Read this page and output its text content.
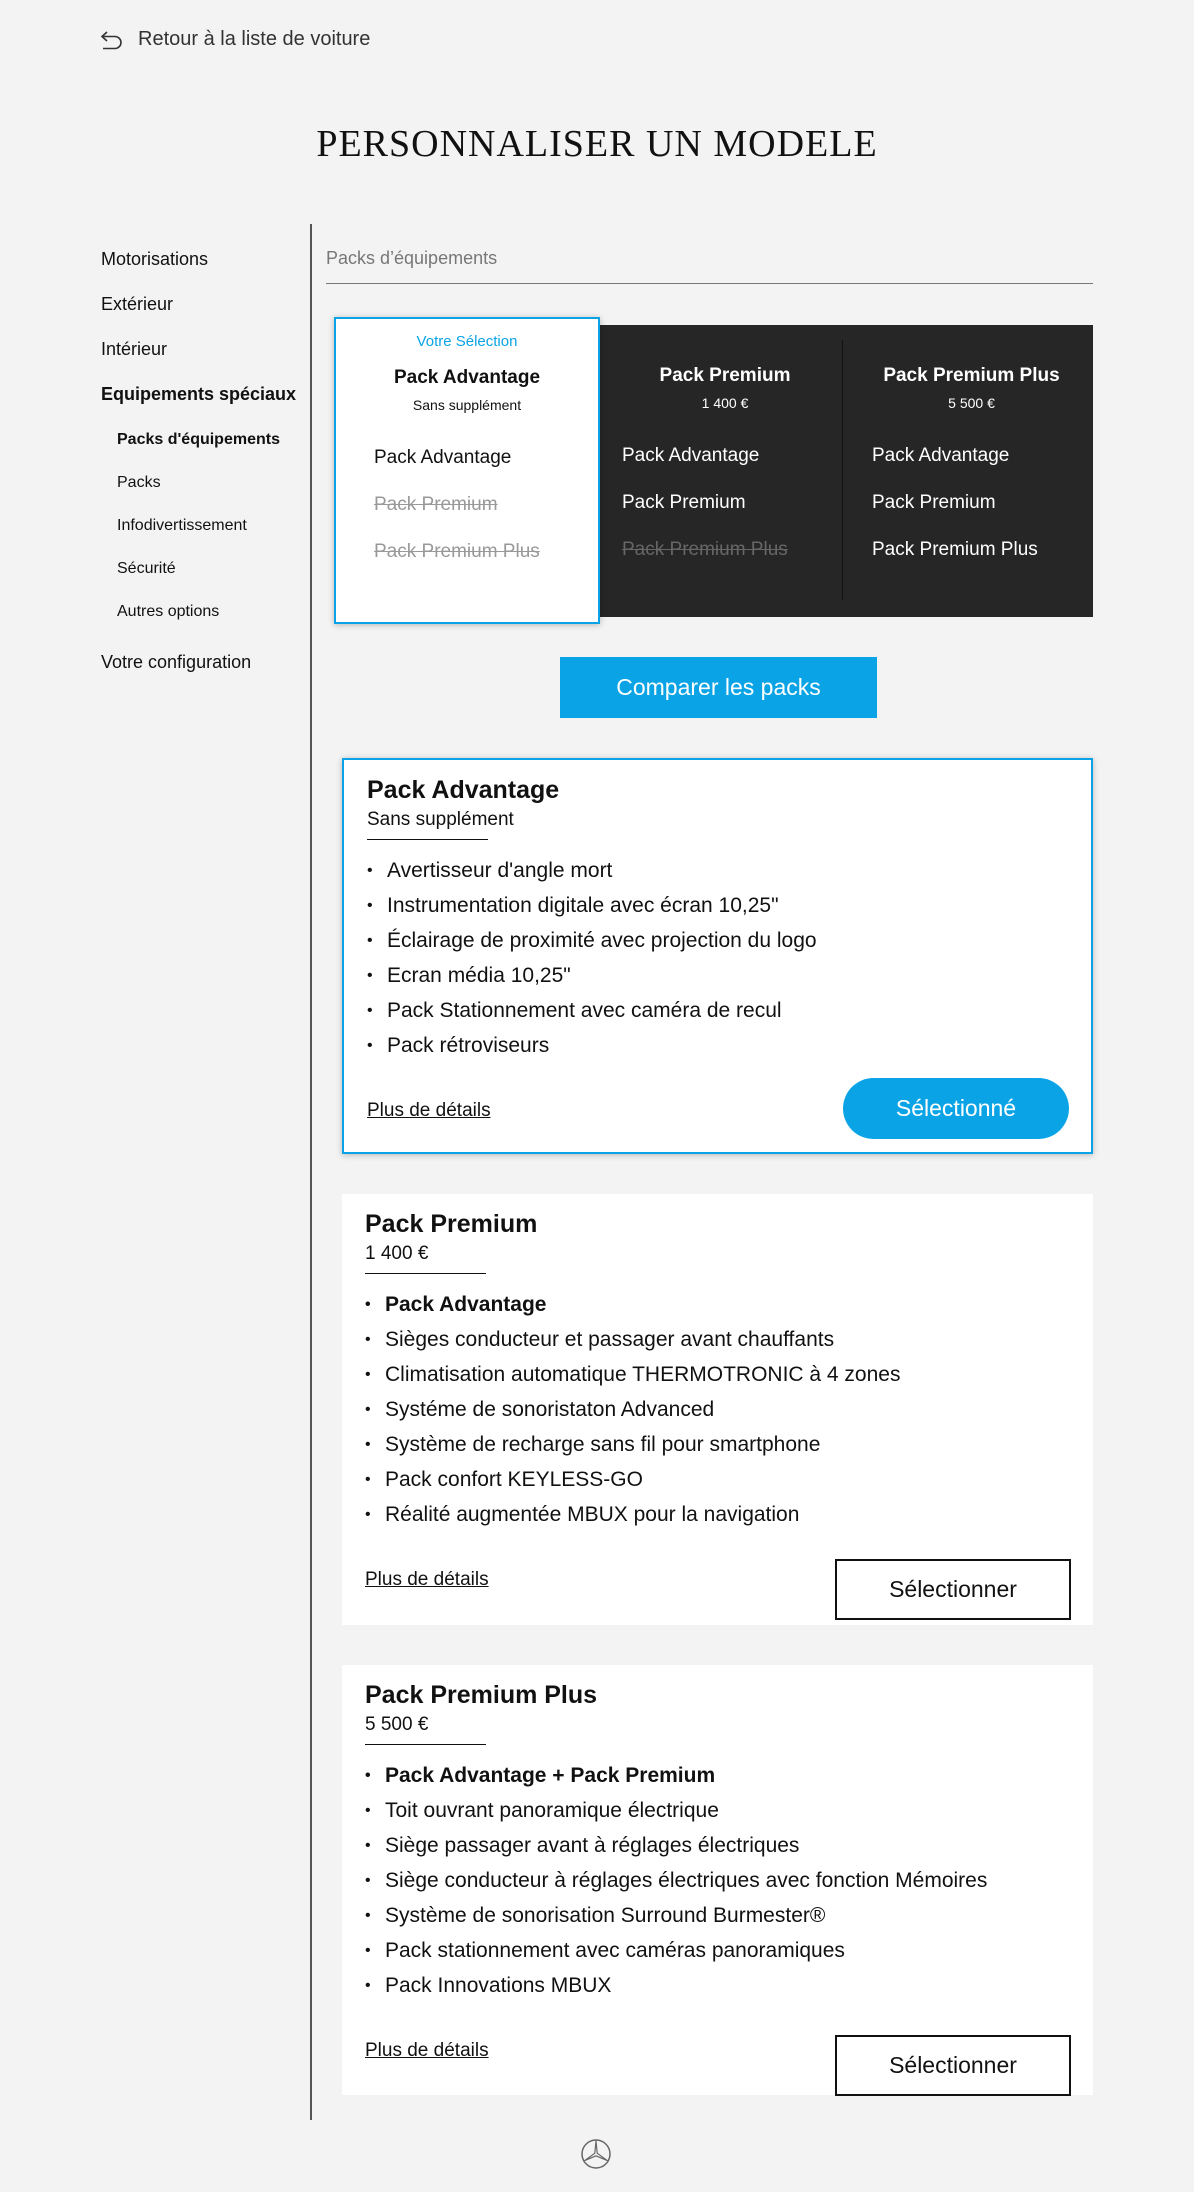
Retour à la liste de voiture
PERSONNALISER UN MODELE
Motorisations
Extérieur
Intérieur
Equipements spéciaux
Packs d'équipements
Packs
Infodivertissement
Sécurité
Autres options
Votre configuration
Packs d’équipements
Votre Sélection
Pack Advantage
Sans supplément
Pack Advantage
Pack Premium
Pack Premium Plus
Pack Premium
1 400 €
Pack Advantage
Pack Premium
Pack Premium Plus
Pack Premium Plus
5 500 €
Pack Advantage
Pack Premium
Pack Premium Plus
Comparer les packs
Pack Advantage
Sans supplément
• Avertisseur d'angle mort
• Instrumentation digitale avec écran 10,25"
• Éclairage de proximité avec projection du logo
• Ecran média 10,25"
• Pack Stationnement avec caméra de recul
• Pack rétroviseurs
Plus de détails	Sélectionné
Pack Premium
1 400 €
• Pack Advantage
• Sièges conducteur et passager avant chauffants
• Climatisation automatique THERMOTRONIC à 4 zones
• Systéme de sonoristaton Advanced
• Système de recharge sans fil pour smartphone
• Pack confort KEYLESS-GO
• Réalité augmentée MBUX pour la navigation
Plus de détails	Sélectionner
Pack Premium Plus
5 500 €
• Pack Advantage + Pack Premium
• Toit ouvrant panoramique électrique
• Siège passager avant à réglages électriques
• Siège conducteur à réglages électriques avec fonction Mémoires
• Système de sonorisation Surround Burmester®
• Pack stationnement avec caméras panoramiques
• Pack Innovations MBUX
Plus de détails
Sélectionner
